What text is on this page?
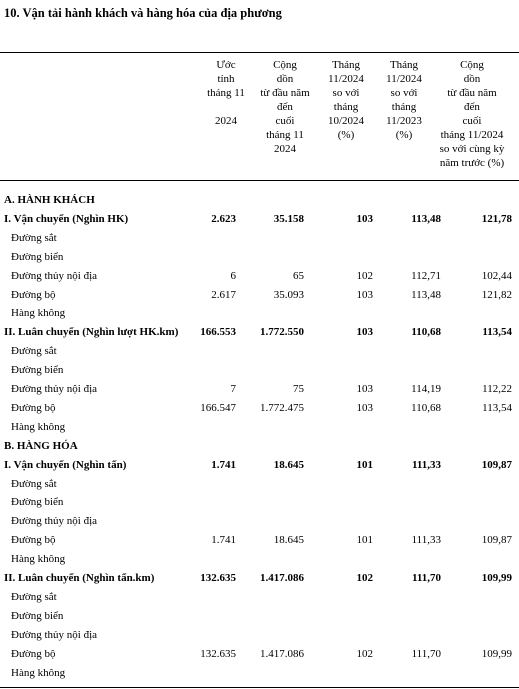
10. Vận tải hành khách và hàng hóa của địa phương
Ước
tính
tháng 11

2024
Cộng
dồn
từ đầu năm
đến
cuối
tháng 11
2024
Tháng
11/2024
so với
tháng
10/2024
(%)
Tháng
11/2024
so với
tháng
11/2023
(%)
Cộng
dồn
từ đầu năm
đến
cuối
tháng 11/2024
so với cùng kỳ
năm trước (%)
A. HÀNH KHÁCH
I. Vận chuyển (Nghìn HK)	2.623	35.158	103	113,48	121,78
Đường sắt
Đường biển
Đường thủy nội địa	6	65	102	112,71	102,44
Đường bộ	2.617	35.093	103	113,48	121,82
Hàng không
II. Luân chuyển (Nghìn lượt HK.km) 166.553 1.772.550	103	110,68	113,54
Đường sắt
Đường biển
Đường thủy nội địa	7	75	103	114,19	112,22
Đường bộ	166.547 1.772.475	103	110,68	113,54
Hàng không
B. HÀNG HÓA
I. Vận chuyển (Nghìn tấn)	1.741	18.645	101	111,33	109,87
Đường sắt
Đường biển
Đường thủy nội địa
Đường bộ	1.741	18.645	101	111,33	109,87
Hàng không
II. Luân chuyển (Nghìn tấn.km)	132.635 1.417.086	102	111,70	109,99
Đường sắt
Đường biển
Đường thủy nội địa
Đường bộ	132.635 1.417.086	102	111,70	109,99
Hàng không
